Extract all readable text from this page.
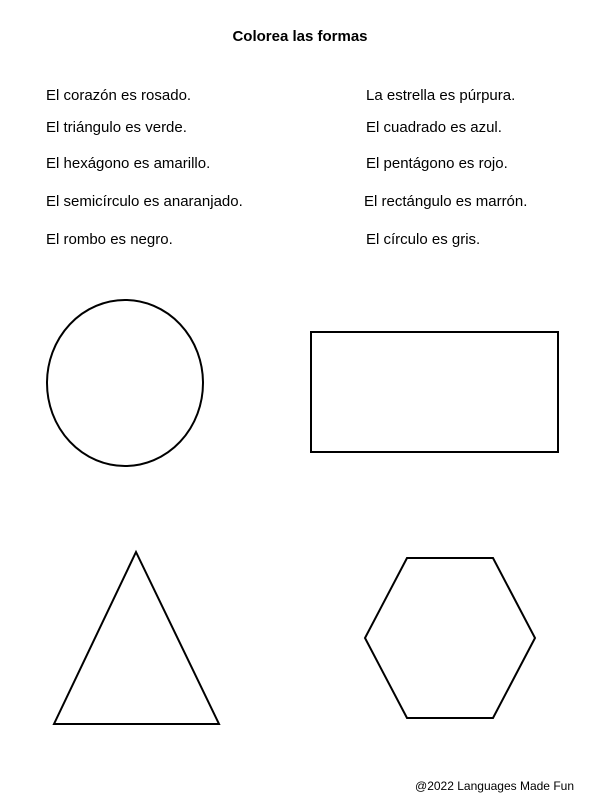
Colorea las formas
El corazón es rosado.
El triángulo es verde.
El hexágono es amarillo.
El semicírculo es anaranjado.
El rombo es negro.
La estrella es púrpura.
El cuadrado es azul.
El pentágono es rojo.
El rectángulo es marrón.
El círculo es gris.
@2022 Languages Made Fun
